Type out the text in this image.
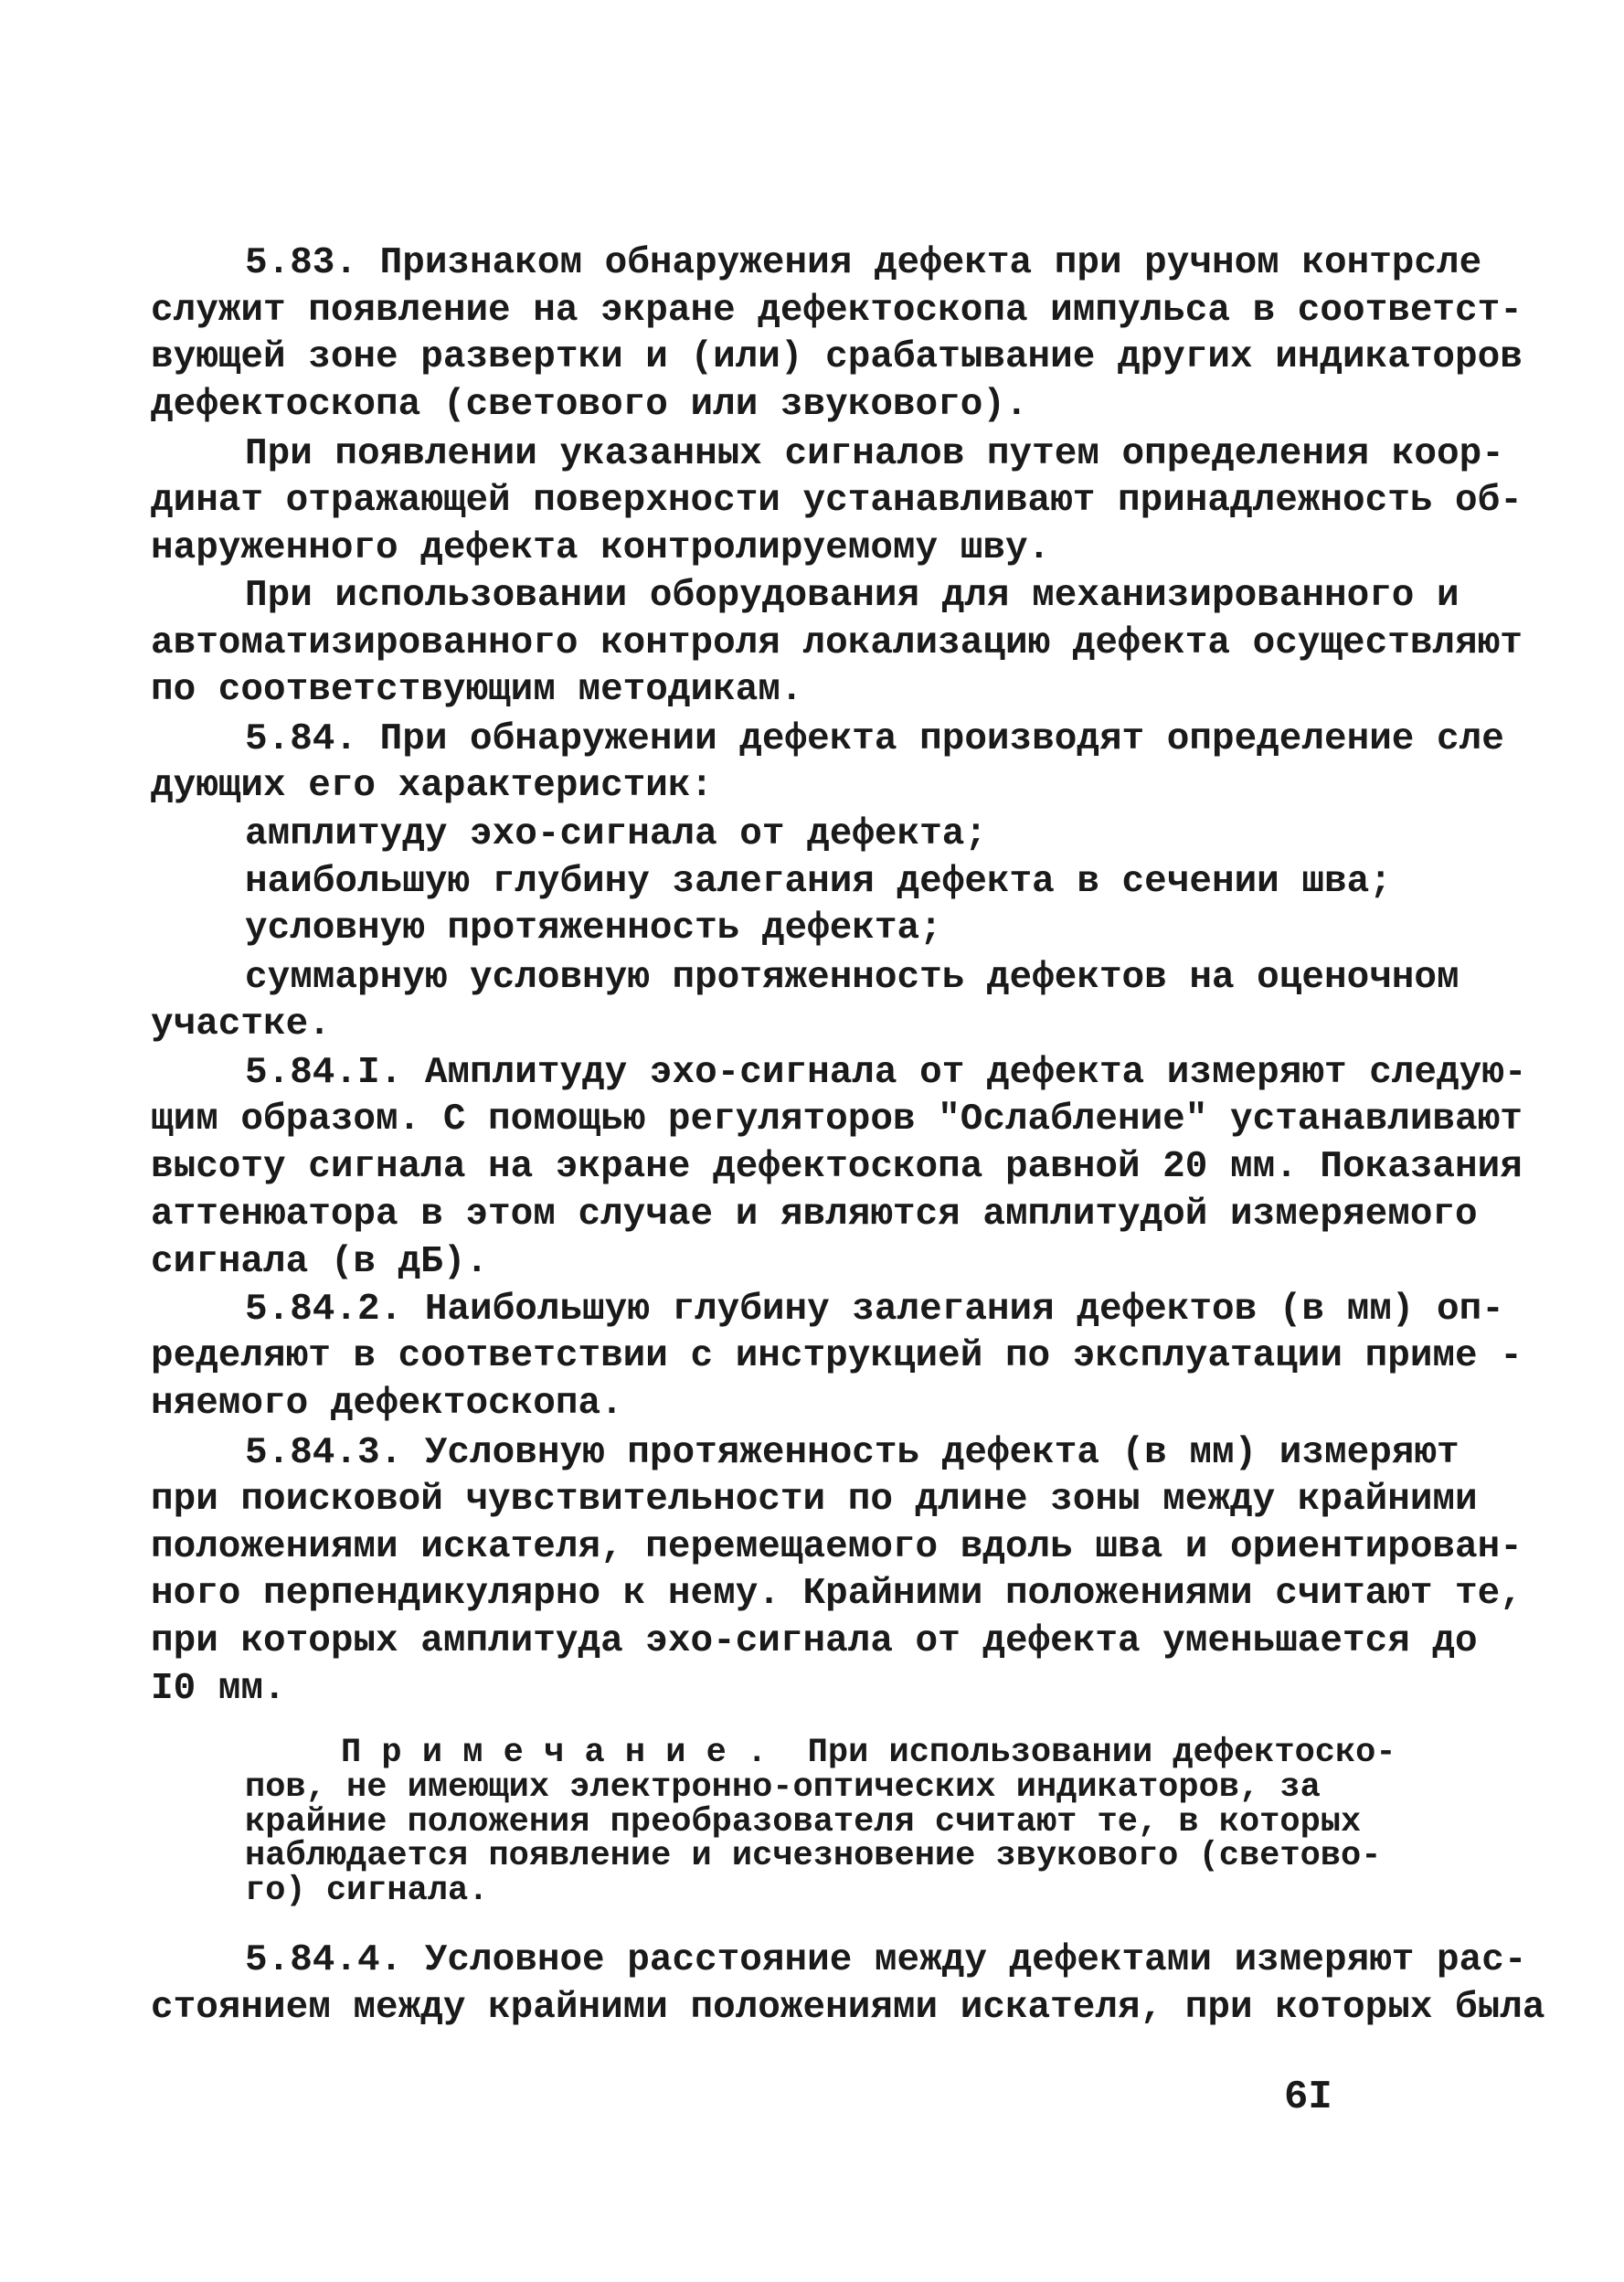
5.83. Признаком обнаружения дефекта при ручном контрсле
служит появление на экране дефектоскопа импульса в соответст-
вующей зоне развертки и (или) срабатывание других индикаторов
дефектоскопа (светового или звукового).
При появлении указанных сигналов путем определения коор-
динат отражающей поверхности устанавливают принадлежность об-
наруженного дефекта контролируемому шву.
При использовании оборудования для механизированного и
автоматизированного контроля локализацию дефекта осуществляют
по соответствующим методикам.
5.84. При обнаружении дефекта производят определение сле
дующих его характеристик:
амплитуду эхо-сигнала от дефекта;
наибольшую глубину залегания дефекта в сечении шва;
условную протяженность дефекта;
суммарную условную протяженность дефектов на оценочном
участке.
5.84.I. Амплитуду эхо-сигнала от дефекта измеряют следую-
щим образом. С помощью регуляторов "Ослабление" устанавливают
высоту сигнала на экране дефектоскопа равной 20 мм. Показания
аттенюатора в этом случае и являются амплитудой измеряемого
сигнала (в дБ).
5.84.2. Наибольшую глубину залегания дефектов (в мм) оп-
ределяют в соответствии с инструкцией по эксплуатации приме -
няемого дефектоскопа.
5.84.3. Условную протяженность дефекта (в мм) измеряют
при поисковой чувствительности по длине зоны между крайними
положениями искателя, перемещаемого вдоль шва и ориентирован-
ного перпендикулярно к нему. Крайними положениями считают те,
при которых амплитуда эхо-сигнала от дефекта уменьшается до
I0 мм.
П р и м е ч а н и е .  При использовании дефектоско-
пов, не имеющих электронно-оптических индикаторов, за
крайние положения преобразователя считают те, в которых
наблюдается появление и исчезновение звукового (светово-
го) сигнала.
5.84.4. Условное расстояние между дефектами измеряют рас-
стоянием между крайними положениями искателя, при которых была
6I
